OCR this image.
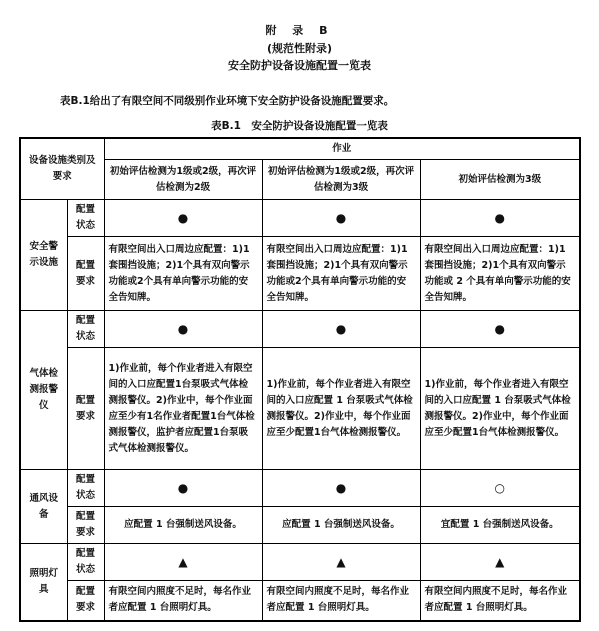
附 录 B
(规范性附录)
安全防护设备设施配置一览表
表B.1给出了有限空间不同级别作业环境下安全防护设备设施配置要求。
表B.1　安全防护设备设施配置一览表
设备设施类别及要求		作业		
		初始评估检测为1级或2级，再次评估检测为2级	初始评估检测为1级或2级，再次评估检测为3级	初始评估检测为3级
安全警示设施	配置状态	●	●	●
	配置要求	有限空间出入口周边应配置：1)1套围挡设施；2)1个具有双向警示功能或2个具有单向警示功能的安全告知牌。	有限空间出入口周边应配置：1)1套围挡设施；2)1个具有双向警示功能或2个具有单向警示功能的安全告知牌。	有限空间出入口周边应配置：1)1套围挡设施；2)1个具有双向警示功能或 2 个具有单向警示功能的安全告知牌。
气体检测报警仪	配置状态	●	●	●
	配置要求	1)作业前，每个作业者进入有限空间的入口应配置1台泵吸式气体检测报警仪。2)作业中，每个作业面应至少有1名作业者配置1台气体检测报警仪，监护者应配置1台泵吸式气体检测报警仪。	1)作业前，每个作业者进入有限空间的入口应配置 1 台泵吸式气体检测报警仪。2)作业中，每个作业面应至少配置1台气体检测报警仪。	1)作业前，每个作业者进入有限空间的入口应配置 1 台泵吸式气体检测报警仪。2)作业中，每个作业面应至少配置1台气体检测报警仪。
通风设备	配置状态	●	●	○
	配置要求	应配置 1 台强制送风设备。	应配置 1 台强制送风设备。	宜配置 1 台强制送风设备。
照明灯具	配置状态	▲	▲	▲
	配置要求	有限空间内照度不足时，每名作业者应配置 1 台照明灯具。	有限空间内照度不足时，每名作业者应配置 1 台照明灯具。	有限空间内照度不足时，每名作业者应配置 1 台照明灯具。
